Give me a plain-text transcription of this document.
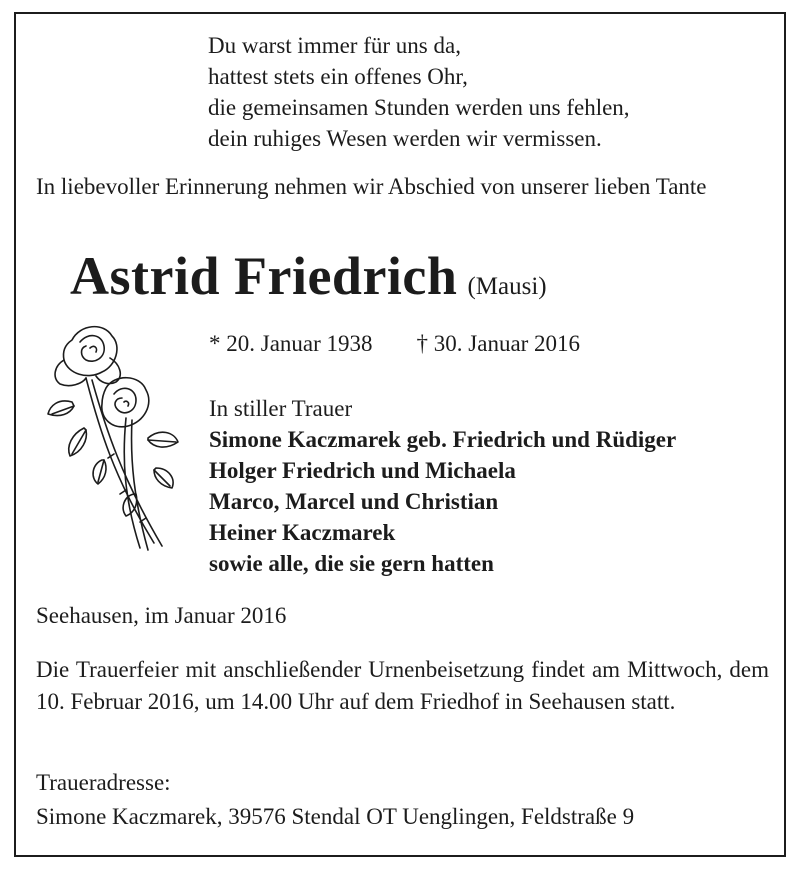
Du warst immer für uns da,
hattest stets ein offenes Ohr,
die gemeinsamen Stunden werden uns fehlen,
dein ruhiges Wesen werden wir vermissen.
In liebevoller Erinnerung nehmen wir Abschied von unserer lieben Tante
Astrid Friedrich (Mausi)
* 20. Januar 1938 † 30. Januar 2016
In stiller Trauer
Simone Kaczmarek geb. Friedrich und Rüdiger
Holger Friedrich und Michaela
Marco, Marcel und Christian
Heiner Kaczmarek
sowie alle, die sie gern hatten
Seehausen, im Januar 2016
Die Trauerfeier mit anschließender Urnenbeisetzung findet am Mittwoch, dem 10. Februar 2016, um 14.00 Uhr auf dem Friedhof in Seehausen statt.
Traueradresse:
Simone Kaczmarek, 39576 Stendal OT Uenglingen, Feldstraße 9
